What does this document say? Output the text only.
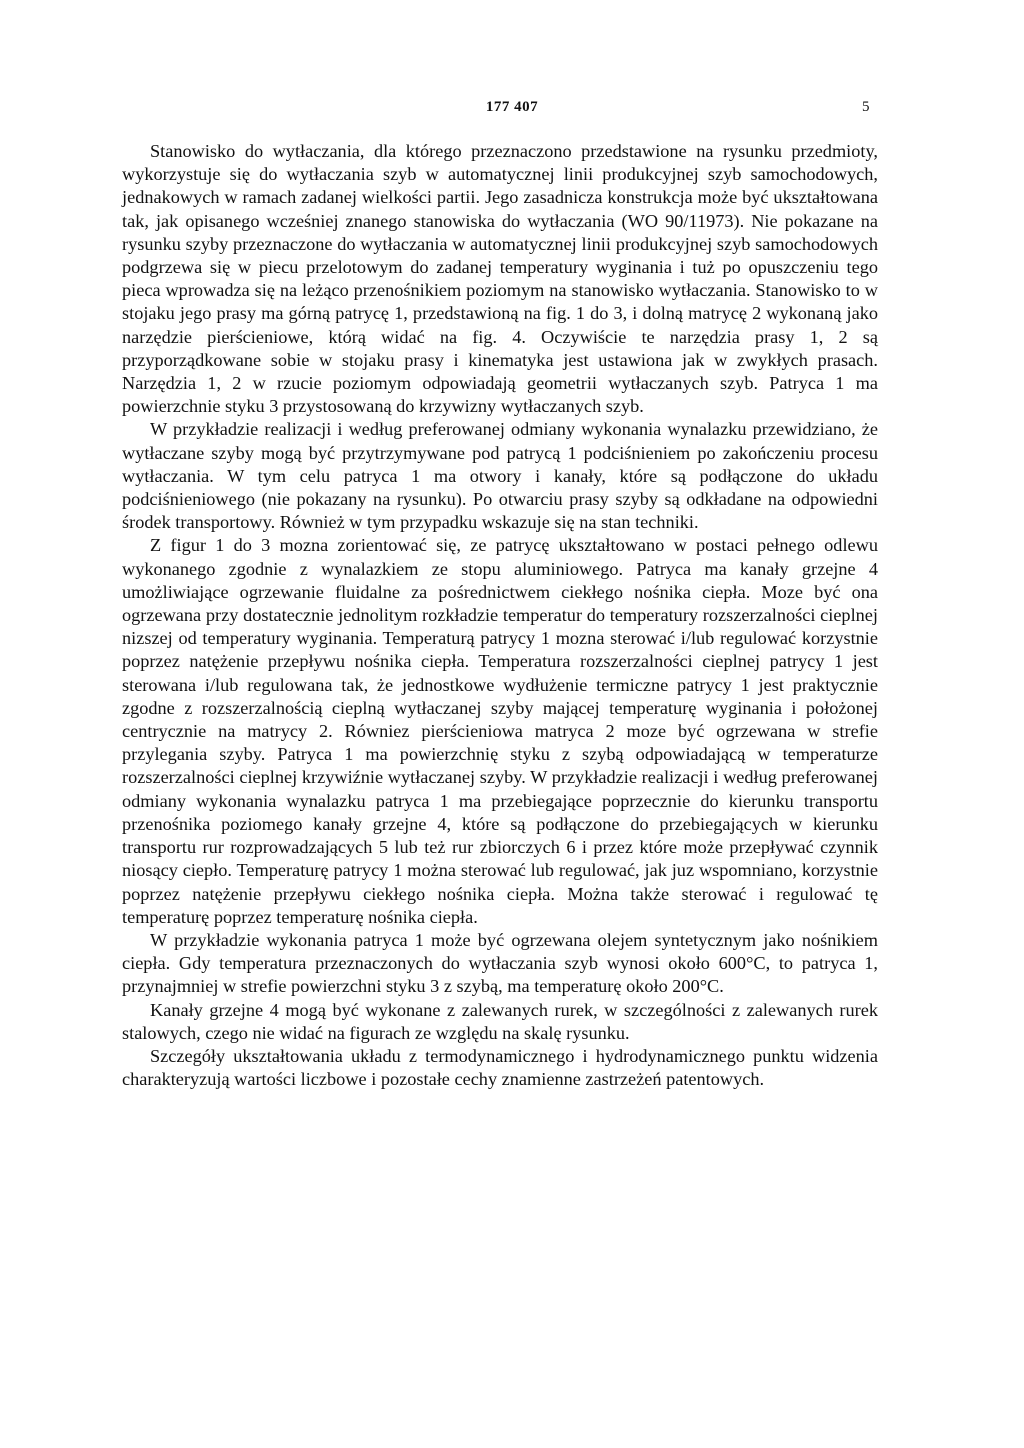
177 407	5

Stanowisko do wytłaczania, dla którego przeznaczono przedstawione na rysunku przedmioty, wykorzystuje się do wytłaczania szyb w automatycznej linii produkcyjnej szyb samochodowych, jednakowych w ramach zadanej wielkości partii. Jego zasadnicza konstrukcja może być ukształtowana tak, jak opisanego wcześniej znanego stanowiska do wytłaczania (WO 90/11973). Nie pokazane na rysunku szyby przeznaczone do wytłaczania w automatycznej linii produkcyjnej szyb samochodowych podgrzewa się w piecu przelotowym do zadanej temperatury wyginania i tuż po opuszczeniu tego pieca wprowadza się na leżąco przenośnikiem poziomym na stanowisko wytłaczania. Stanowisko to w stojaku jego prasy ma górną patrycę 1, przedstawioną na fig. 1 do 3, i dolną matrycę 2 wykonaną jako narzędzie pierścieniowe, którą widać na fig. 4. Oczywiście te narzędzia prasy 1, 2 są przyporządkowane sobie w stojaku prasy i kinematyka jest ustawiona jak w zwykłych prasach. Narzędzia 1, 2 w rzucie poziomym odpowiadają geometrii wytłaczanych szyb. Patryca 1 ma powierzchnie styku 3 przystosowaną do krzywizny wytłaczanych szyb.

W przykładzie realizacji i według preferowanej odmiany wykonania wynalazku przewidziano, że wytłaczane szyby mogą być przytrzymywane pod patrycą 1 podciśnieniem po zakończeniu procesu wytłaczania. W tym celu patryca 1 ma otwory i kanały, które są podłączone do układu podciśnieniowego (nie pokazany na rysunku). Po otwarciu prasy szyby są odkładane na odpowiedni środek transportowy. Również w tym przypadku wskazuje się na stan techniki.

Z figur 1 do 3 mozna zorientować się, ze patrycę ukształtowano w postaci pełnego odlewu wykonanego zgodnie z wynalazkiem ze stopu aluminiowego. Patryca ma kanały grzejne 4 umożliwiające ogrzewanie fluidalne za pośrednictwem ciekłego nośnika ciepła. Moze być ona ogrzewana przy dostatecznie jednolitym rozkładzie temperatur do temperatury rozszerzalności cieplnej nizszej od temperatury wyginania. Temperaturą patrycy 1 mozna sterować i/lub regulować korzystnie poprzez natężenie przepływu nośnika ciepła. Temperatura rozszerzalności cieplnej patrycy 1 jest sterowana i/lub regulowana tak, że jednostkowe wydłużenie termiczne patrycy 1 jest praktycznie zgodne z rozszerzalnością cieplną wytłaczanej szyby mającej temperaturę wyginania i położonej centrycznie na matrycy 2. Równiez pierścieniowa matryca 2 moze być ogrzewana w strefie przylegania szyby. Patryca 1 ma powierzchnię styku z szybą odpowiadającą w temperaturze rozszerzalności cieplnej krzywiźnie wytłaczanej szyby. W przykładzie realizacji i według preferowanej odmiany wykonania wynalazku patryca 1 ma przebiegające poprzecznie do kierunku transportu przenośnika poziomego kanały grzejne 4, które są podłączone do przebiegających w kierunku transportu rur rozprowadzających 5 lub też rur zbiorczych 6 i przez które może przepływać czynnik niosący ciepło. Temperaturę patrycy 1 można sterować lub regulować, jak juz wspomniano, korzystnie poprzez natężenie przepływu ciekłego nośnika ciepła. Można także sterować i regulować tę temperaturę poprzez temperaturę nośnika ciepła.

W przykładzie wykonania patryca 1 może być ogrzewana olejem syntetycznym jako nośnikiem ciepła. Gdy temperatura przeznaczonych do wytłaczania szyb wynosi około 600°C, to patryca 1, przynajmniej w strefie powierzchni styku 3 z szybą, ma temperaturę około 200°C.

Kanały grzejne 4 mogą być wykonane z zalewanych rurek, w szczególności z zalewanych rurek stalowych, czego nie widać na figurach ze względu na skalę rysunku.

Szczegóły ukształtowania układu z termodynamicznego i hydrodynamicznego punktu widzenia charakteryzują wartości liczbowe i pozostałe cechy znamienne zastrzeżeń patentowych.
